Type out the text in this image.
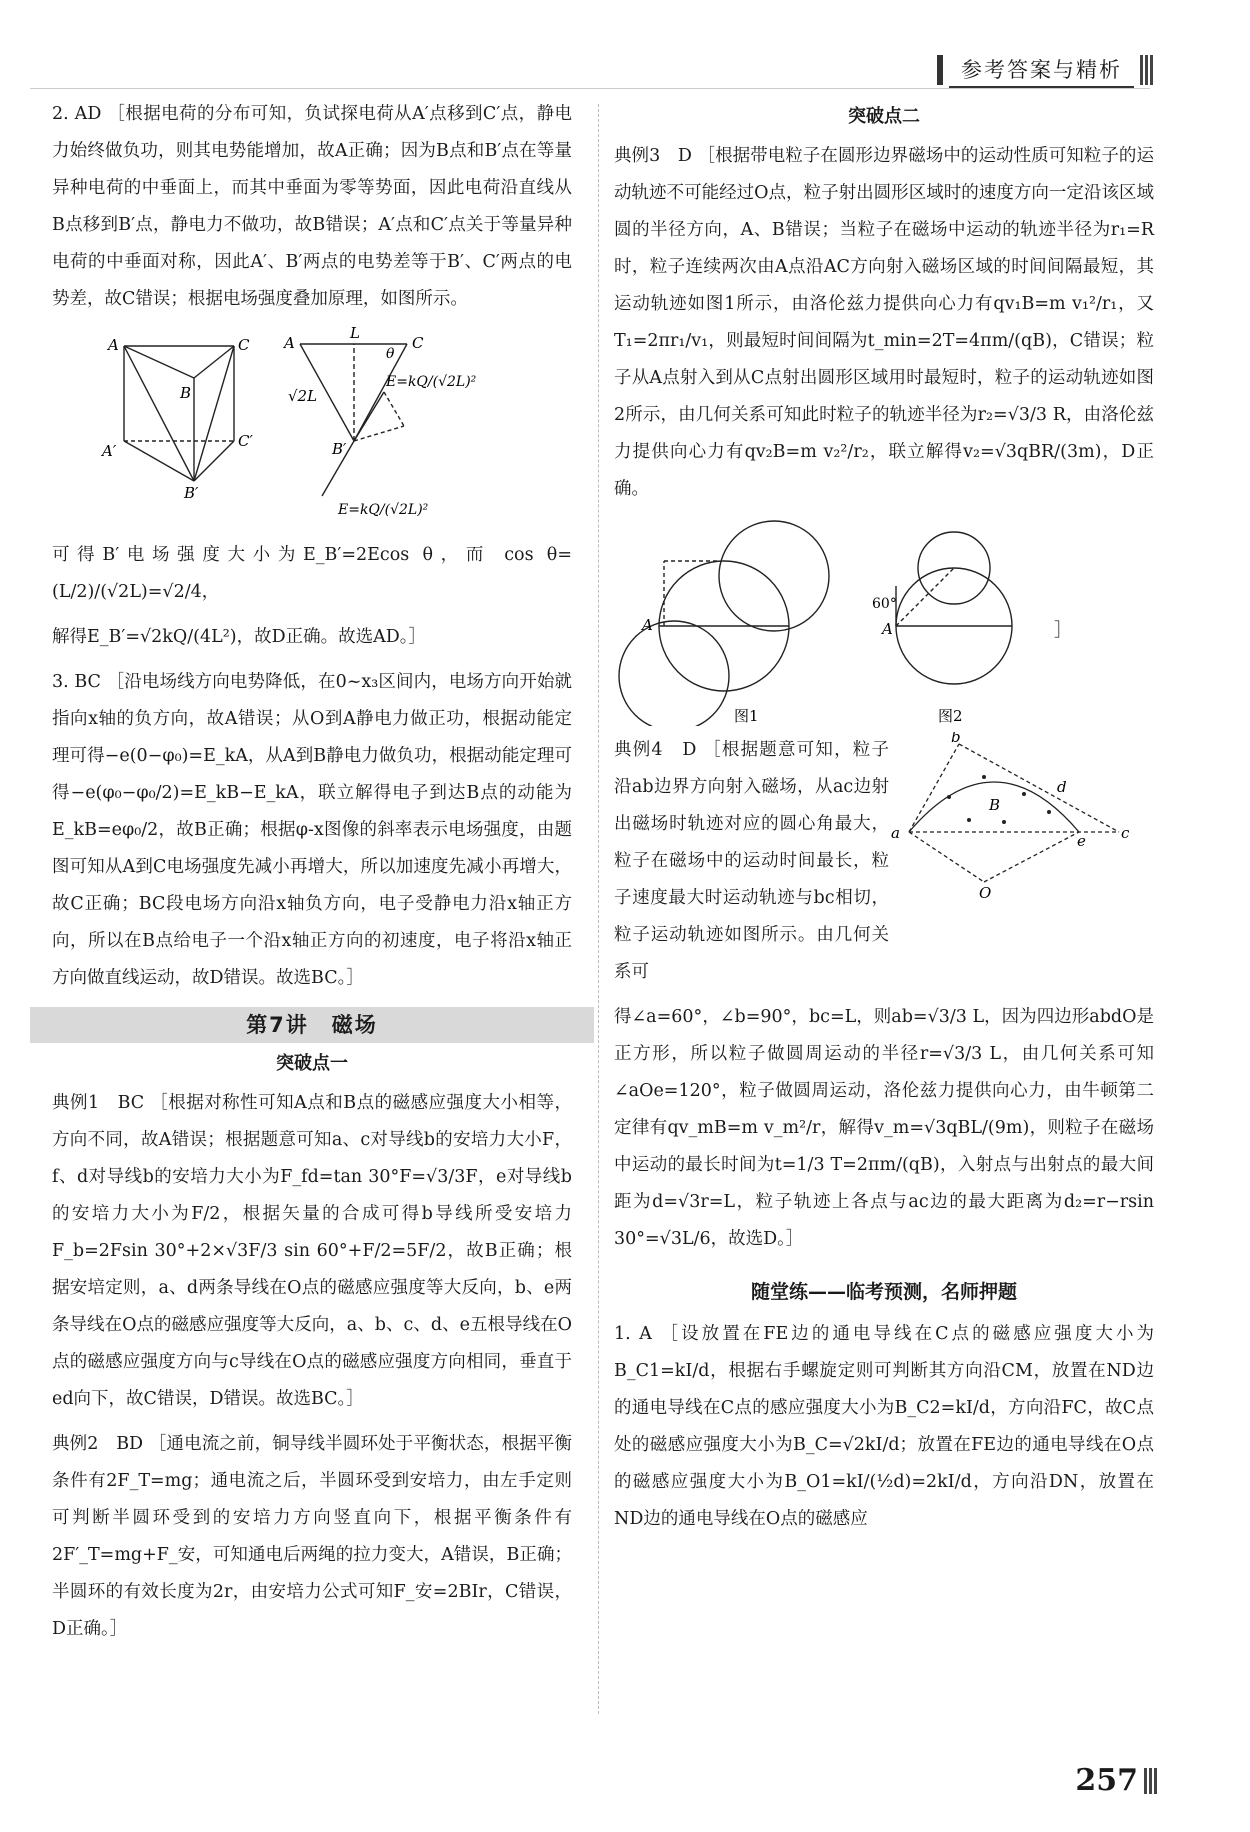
参考答案与精析

2. AD ［根据电荷的分布可知，负试探电荷从A′点移到C′点，静电力始终做负功，则其电势能增加，故A正确；因为B点和B′点在等量异种电荷的中垂面上，而其中垂面为零等势面，因此电荷沿直线从B点移到B′点，静电力不做功，故B错误；A′点和C′点关于等量异种电荷的中垂面对称，因此A′、B′两点的电势差等于B′、C′两点的电势差，故C错误；根据电场强度叠加原理，如图所示。

A	C
B
A′
C′
B′
A
L
C
θ
√2L
B′
E=kQ/(√2L)²
E=kQ/(√2L)²

可得B′电场强度大小为E_B′=2Ecos θ，而 cos θ=(L/2)/(√2L)=√2/4，

解得E_B′=√2kQ/(4L²)，故D正确。故选AD。］

3. BC ［沿电场线方向电势降低，在0~x₃区间内，电场方向开始就指向x轴的负方向，故A错误；从O到A静电力做正功，根据动能定理可得−e(0−φ₀)=E_kA，从A到B静电力做负功，根据动能定理可得−e(φ₀−φ₀/2)=E_kB−E_kA，联立解得电子到达B点的动能为E_kB=eφ₀/2，故B正确；根据φ-x图像的斜率表示电场强度，由题图可知从A到C电场强度先减小再增大，所以加速度先减小再增大，故C正确；BC段电场方向沿x轴负方向，电子受静电力沿x轴正方向，所以在B点给电子一个沿x轴正方向的初速度，电子将沿x轴正方向做直线运动，故D错误。故选BC。］

第7讲　磁场
突破点一

典例1　BC ［根据对称性可知A点和B点的磁感应强度大小相等，方向不同，故A错误；根据题意可知a、c对导线b的安培力大小F，f、d对导线b的安培力大小为F_fd=tan 30°F=√3/3F，e对导线b的安培力大小为F/2，根据矢量的合成可得b导线所受安培力F_b=2Fsin 30°+2×√3F/3 sin 60°+F/2=5F/2，故B正确；根据安培定则，a、d两条导线在O点的磁感应强度等大反向，b、e两条导线在O点的磁感应强度等大反向，a、b、c、d、e五根导线在O点的磁感应强度方向与c导线在O点的磁感应强度方向相同，垂直于ed向下，故C错误，D错误。故选BC。］

典例2　BD ［通电流之前，铜导线半圆环处于平衡状态，根据平衡条件有2F_T=mg；通电流之后，半圆环受到安培力，由左手定则可判断半圆环受到的安培力方向竖直向下，根据平衡条件有2F′_T=mg+F_安，可知通电后两绳的拉力变大，A错误，B正确；半圆环的有效长度为2r，由安培力公式可知F_安=2BIr，C错误，D正确。］

突破点二

典例3　D ［根据带电粒子在圆形边界磁场中的运动性质可知粒子的运动轨迹不可能经过O点，粒子射出圆形区域时的速度方向一定沿该区域圆的半径方向，A、B错误；当粒子在磁场中运动的轨迹半径为r₁=R时，粒子连续两次由A点沿AC方向射入磁场区域的时间间隔最短，其运动轨迹如图1所示，由洛伦兹力提供向心力有qv₁B=m v₁²/r₁，又T₁=2πr₁/v₁，则最短时间间隔为t_min=2T=4πm/(qB)，C错误；粒子从A点射入到从C点射出圆形区域用时最短时，粒子的运动轨迹如图2所示，由几何关系可知此时粒子的轨迹半径为r₂=√3/3 R，由洛伦兹力提供向心力有qv₂B=m v₂²/r₂，联立解得v₂=√3qBR/(3m)，D正确。

A
图1
60°
A	］
图2

典例4　D ［根据题意可知，粒子沿ab边界方向射入磁场，从ac边射出磁场时轨迹对应的圆心角最大，粒子在磁场中的运动时间最长，粒子速度最大时运动轨迹与bc相切，粒子运动轨迹如图所示。由几何关系可

a
b
c
d
e
B
O

得∠a=60°，∠b=90°，bc=L，则ab=√3/3 L，因为四边形abdO是正方形，所以粒子做圆周运动的半径r=√3/3 L，由几何关系可知∠aOe=120°，粒子做圆周运动，洛伦兹力提供向心力，由牛顿第二定律有qv_mB=m v_m²/r，解得v_m=√3qBL/(9m)，则粒子在磁场中运动的最长时间为t=1/3 T=2πm/(qB)，入射点与出射点的最大间距为d=√3r=L，粒子轨迹上各点与ac边的最大距离为d₂=r−rsin 30°=√3L/6，故选D。］

随堂练——临考预测，名师押题

1. A ［设放置在FE边的通电导线在C点的磁感应强度大小为B_C1=kI/d，根据右手螺旋定则可判断其方向沿CM，放置在ND边的通电导线在C点的感应强度大小为B_C2=kI/d，方向沿FC，故C点处的磁感应强度大小为B_C=√2kI/d；放置在FE边的通电导线在O点的磁感应强度大小为B_O1=kI/(½d)=2kI/d，方向沿DN，放置在ND边的通电导线在O点的磁感应

257
